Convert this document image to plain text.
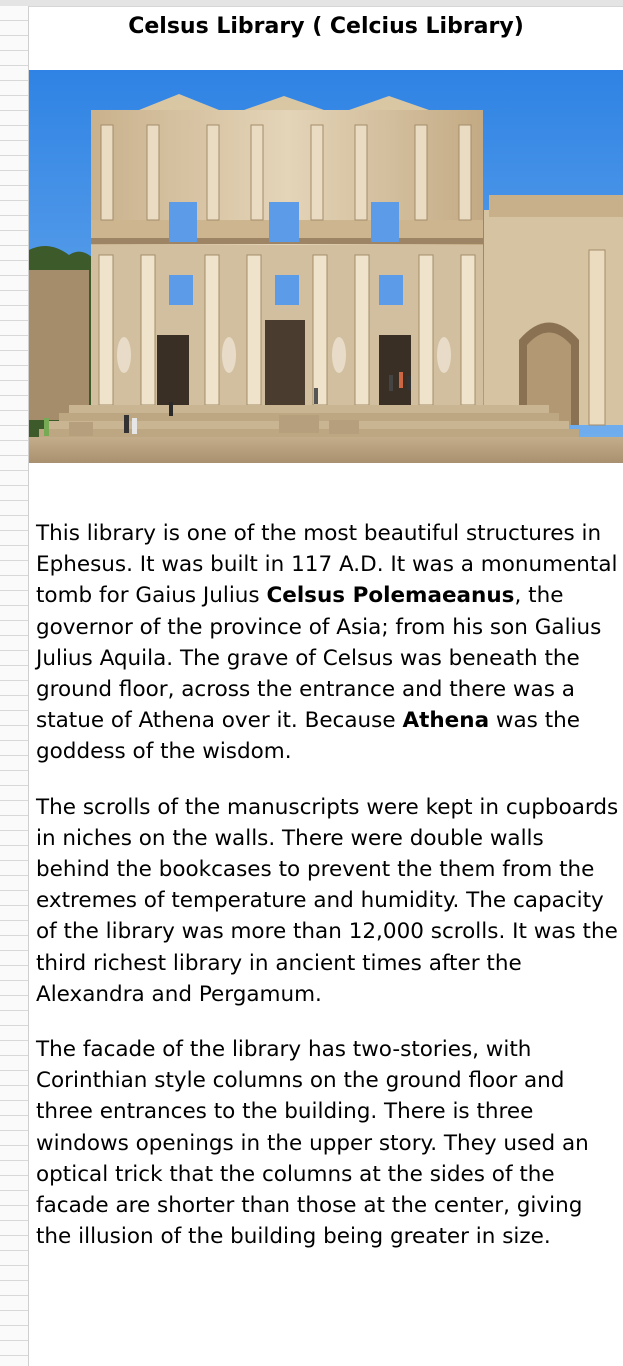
Celsus Library ( Celcius Library)

This library is one of the most beautiful structures in Ephesus. It was built in 117 A.D. It was a monumental tomb for Gaius Julius Celsus Polemaeanus, the governor of the province of Asia; from his son Galius Julius Aquila. The grave of Celsus was beneath the ground floor, across the entrance and there was a statue of Athena over it. Because Athena was the goddess of the wisdom.

The scrolls of the manuscripts were kept in cupboards in niches on the walls. There were double walls behind the bookcases to prevent the them from the extremes of temperature and humidity. The capacity of the library was more than 12,000 scrolls. It was the third richest library in ancient times after the Alexandra and Pergamum.

The facade of the library has two-stories, with Corinthian style columns on the ground floor and three entrances to the building. There is three windows openings in the upper story. They used an optical trick that the columns at the sides of the facade are shorter than those at the center, giving the illusion of the building being greater in size.
